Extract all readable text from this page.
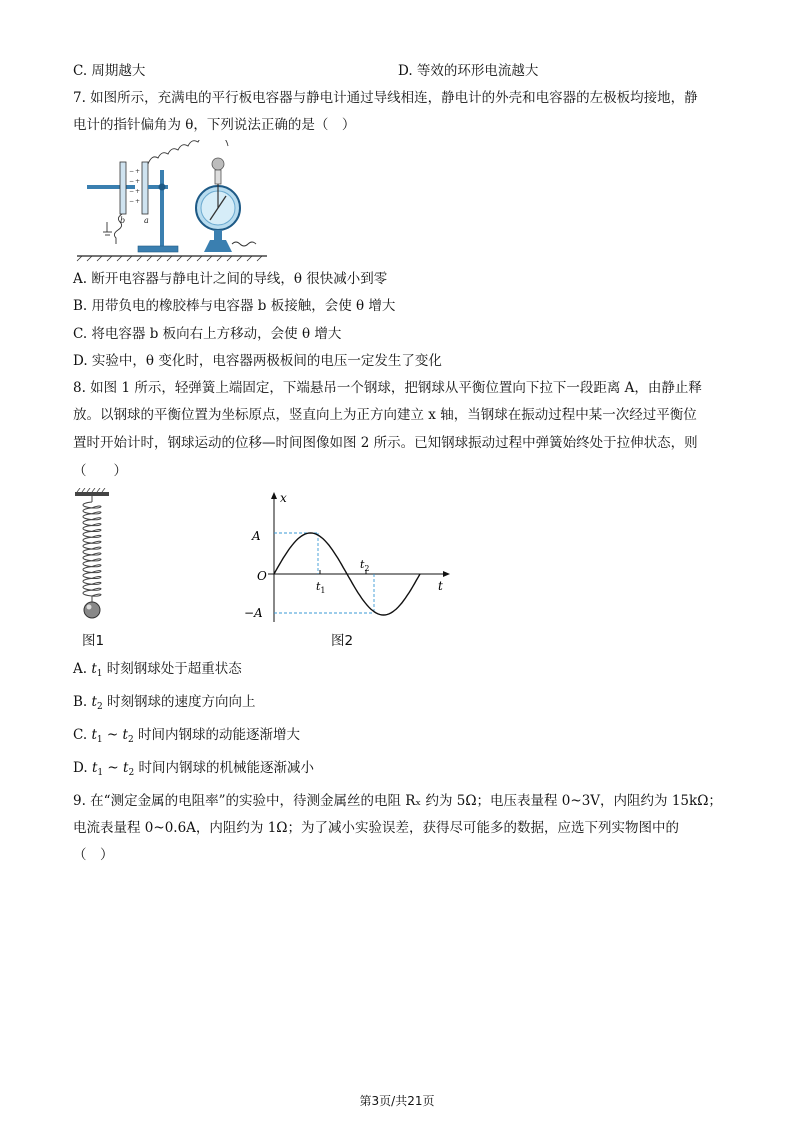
C. 周期越大	D. 等效的环形电流越大
7. 如图所示，充满电的平行板电容器与静电计通过导线相连，静电计的外壳和电容器的左极板均接地，静
电计的指针偏角为 θ，下列说法正确的是（　）
−
−
−
−
+
+
+
+
b a
A. 断开电容器与静电计之间的导线，θ 很快减小到零
B. 用带负电的橡胶棒与电容器 b 板接触，会使 θ 增大
C. 将电容器 b 板向右上方移动，会使 θ 增大
D. 实验中，θ 变化时，电容器两极板间的电压一定发生了变化
8. 如图 1 所示，轻弹簧上端固定，下端悬吊一个钢球，把钢球从平衡位置向下拉下一段距离 A，由静止释
放。以钢球的平衡位置为坐标原点，竖直向上为正方向建立 x 轴，当钢球在振动过程中某一次经过平衡位
置时开始计时，钢球运动的位移—时间图像如图 2 所示。已知钢球振动过程中弹簧始终处于拉伸状态，则
（　　）
图1
x
t
A
−A
O
$t_1$
$t_2$
图2
A. $t_1$ 时刻钢球处于超重状态
B. $t_2$ 时刻钢球的速度方向向上
C. $t_1$ ~ $t_2$ 时间内钢球的动能逐渐增大
D. $t_1$ ~ $t_2$ 时间内钢球的机械能逐渐减小
9. 在“测定金属的电阻率”的实验中，待测金属丝的电阻 Rₓ 约为 5Ω；电压表量程 0~3V，内阻约为 15kΩ；
电流表量程 0~0.6A，内阻约为 1Ω；为了减小实验误差，获得尽可能多的数据，应选下列实物图中的
（　）
第3页/共21页
